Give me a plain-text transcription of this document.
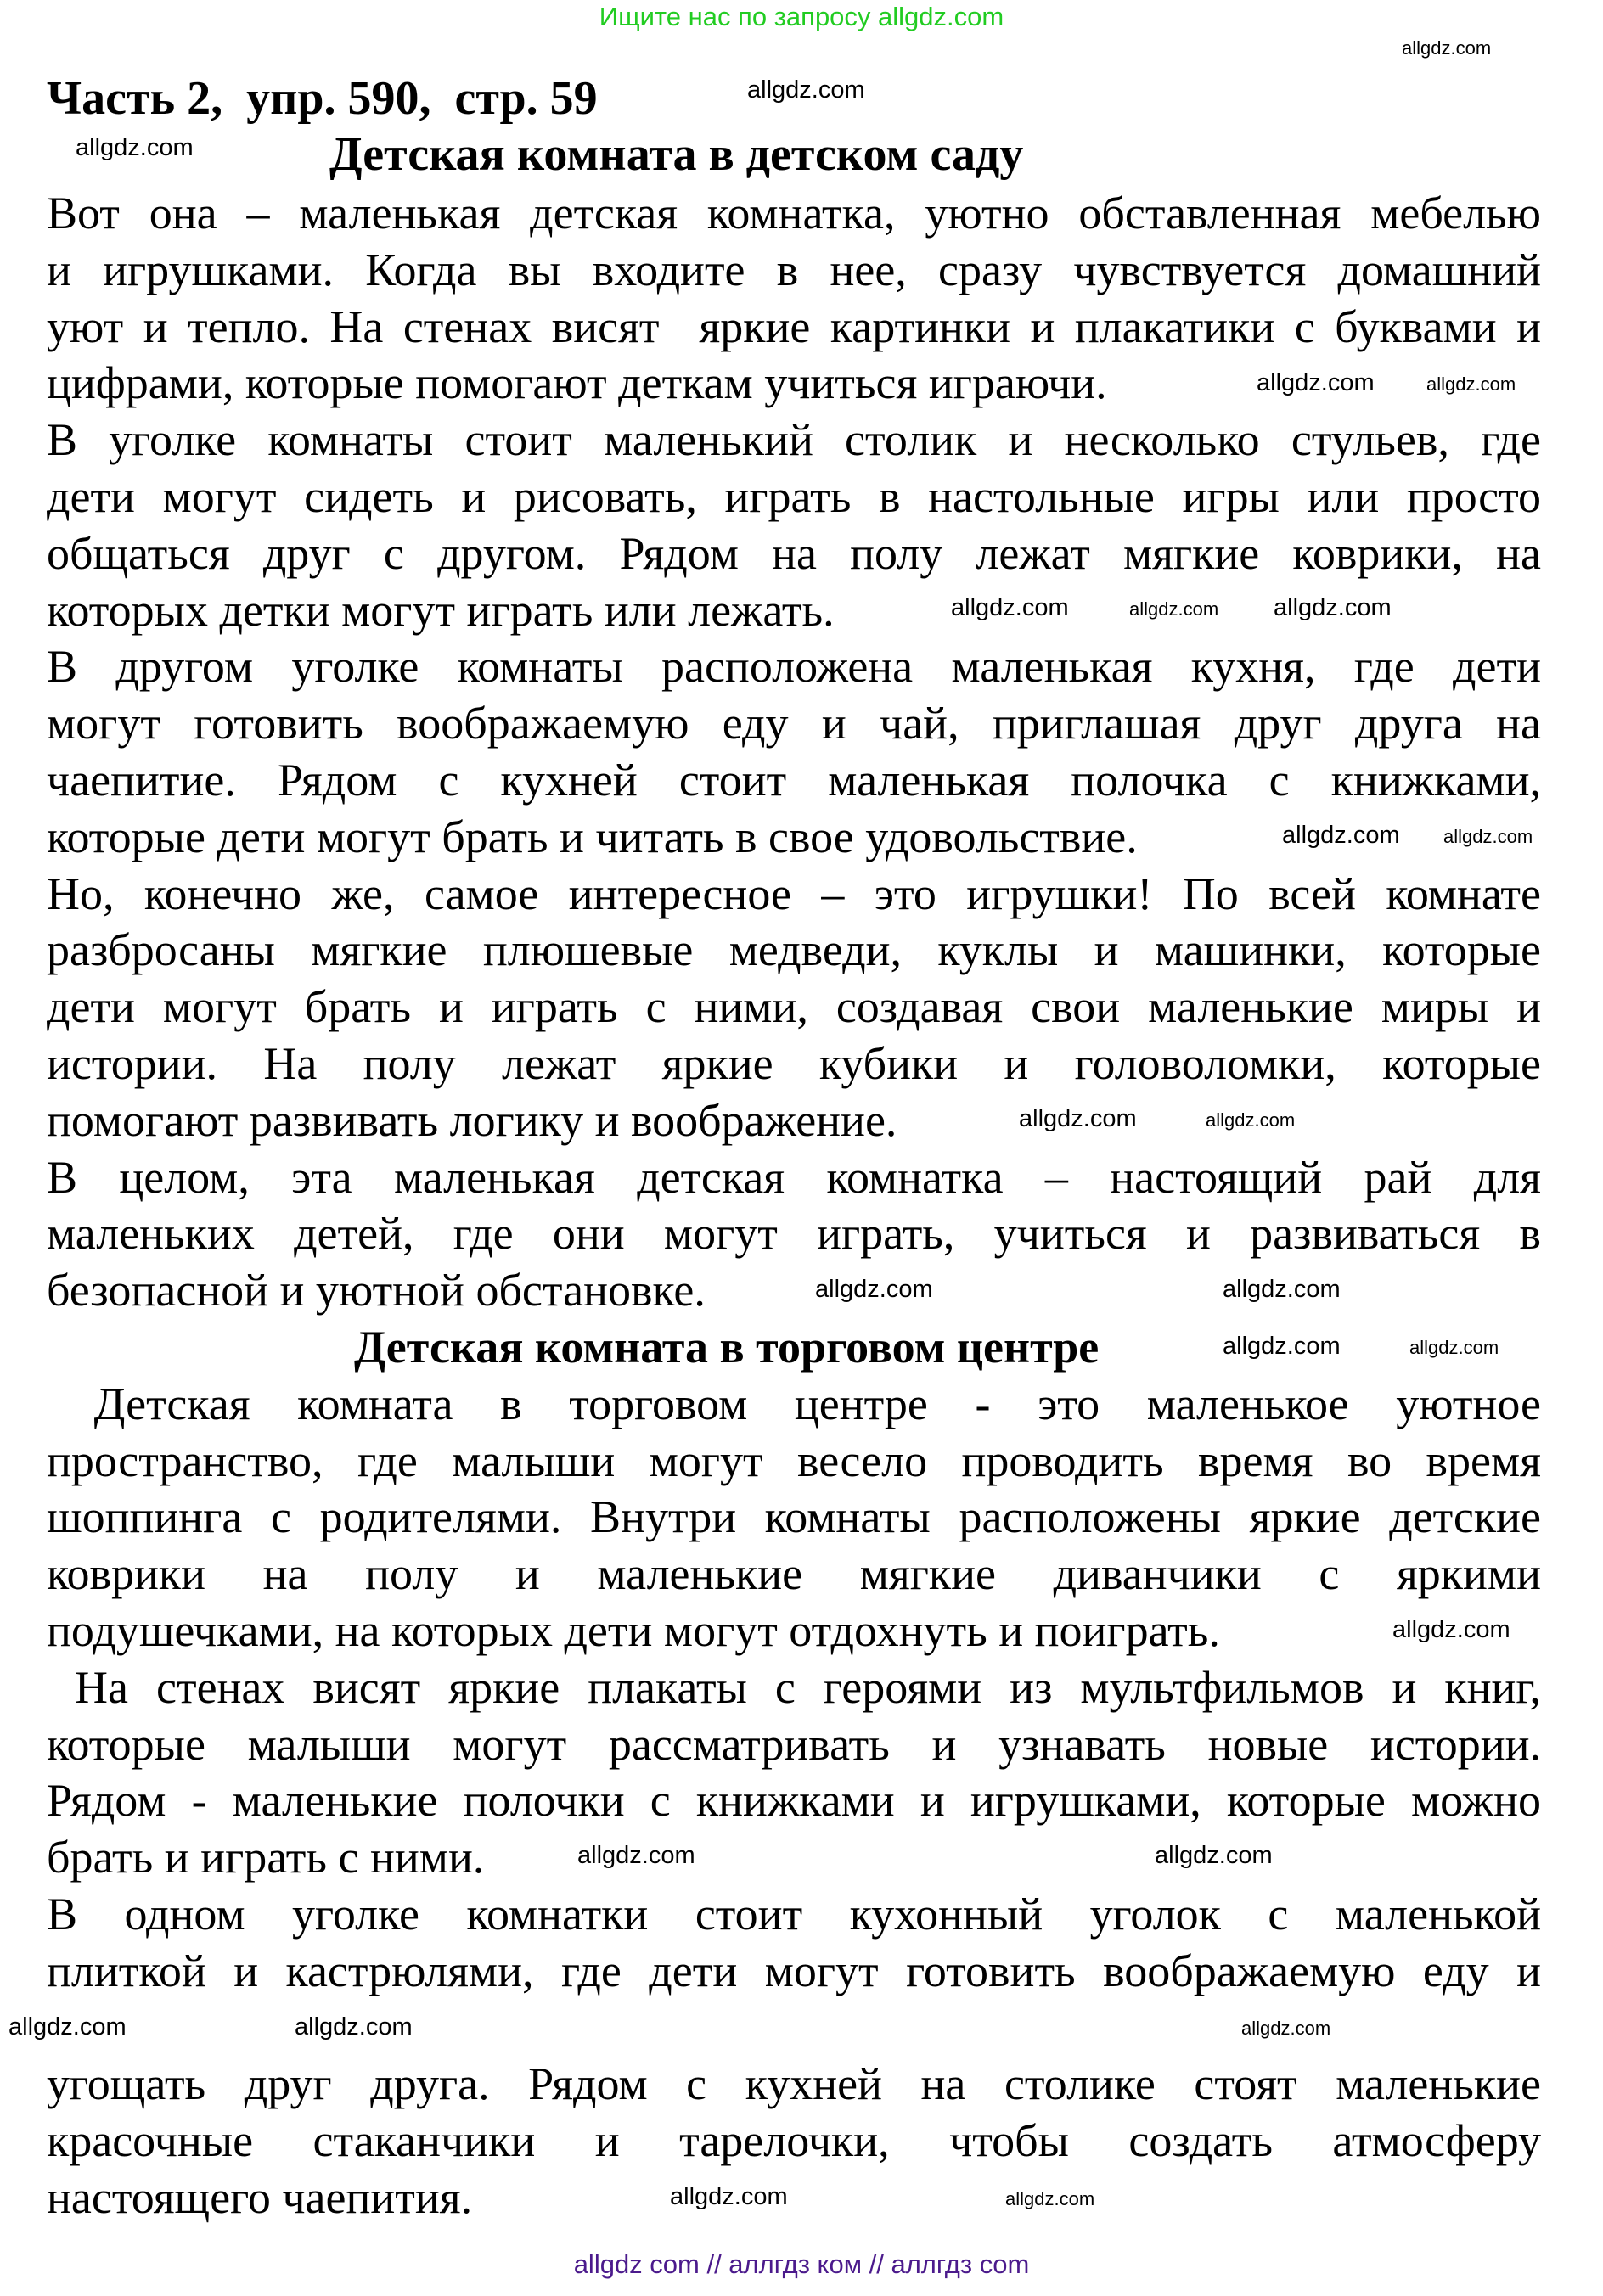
Ищите нас по запросу allgdz.com
Часть 2,  упр. 590,  стр. 59
Детская комната в детском саду
Вот она – маленькая детская комнатка, уютно обставленная мебелью
и игрушками. Когда вы входите в нее, сразу чувствуется домашний
уют и тепло. На стенах висят  яркие картинки и плакатики с буквами и
цифрами, которые помогают деткам учиться играючи.
В уголке комнаты стоит маленький столик и несколько стульев, где
дети могут сидеть и рисовать, играть в настольные игры или просто
общаться друг с другом. Рядом на полу лежат мягкие коврики, на
которых детки могут играть или лежать.
В другом уголке комнаты расположена маленькая кухня, где дети
могут готовить воображаемую еду и чай, приглашая друг друга на
чаепитие. Рядом с кухней стоит маленькая полочка с книжками,
которые дети могут брать и читать в свое удовольствие.
Но, конечно же, самое интересное – это игрушки! По всей комнате
разбросаны мягкие плюшевые медведи, куклы и машинки, которые
дети могут брать и играть с ними, создавая свои маленькие миры и
истории. На полу лежат яркие кубики и головоломки, которые
помогают развивать логику и воображение.
В целом, эта маленькая детская комнатка – настоящий рай для
маленьких детей, где они могут играть, учиться и развиваться в
безопасной и уютной обстановке.
Детская комната в торговом центре
Детская комната в торговом центре - это маленькое уютное
пространство, где малыши могут весело проводить время во время
шоппинга с родителями. Внутри комнаты расположены яркие детские
коврики на полу и маленькие мягкие диванчики с яркими
подушечками, на которых дети могут отдохнуть и поиграть.
На стенах висят яркие плакаты с героями из мультфильмов и книг,
которые малыши могут рассматривать и узнавать новые истории.
Рядом - маленькие полочки с книжками и игрушками, которые можно
брать и играть с ними.
В одном уголке комнатки стоит кухонный уголок с маленькой
плиткой и кастрюлями, где дети могут готовить воображаемую еду и
угощать друг друга. Рядом с кухней на столике стоят маленькие
красочные стаканчики и тарелочки, чтобы создать атмосферу
настоящего чаепития.
allgdz.com
allgdz.com
allgdz.com
allgdz.com	allgdz.com
allgdz.com	allgdz.com allgdz.com
allgdz.com allgdz.com
allgdz.com	allgdz.com
allgdz.com	allgdz.com
allgdz.com	allgdz.com
allgdz.com
allgdz.com	allgdz.com
allgdz.com	allgdz.com	allgdz.com
allgdz.com	allgdz.com
allgdz com // аллгдз ком // аллгдз com
